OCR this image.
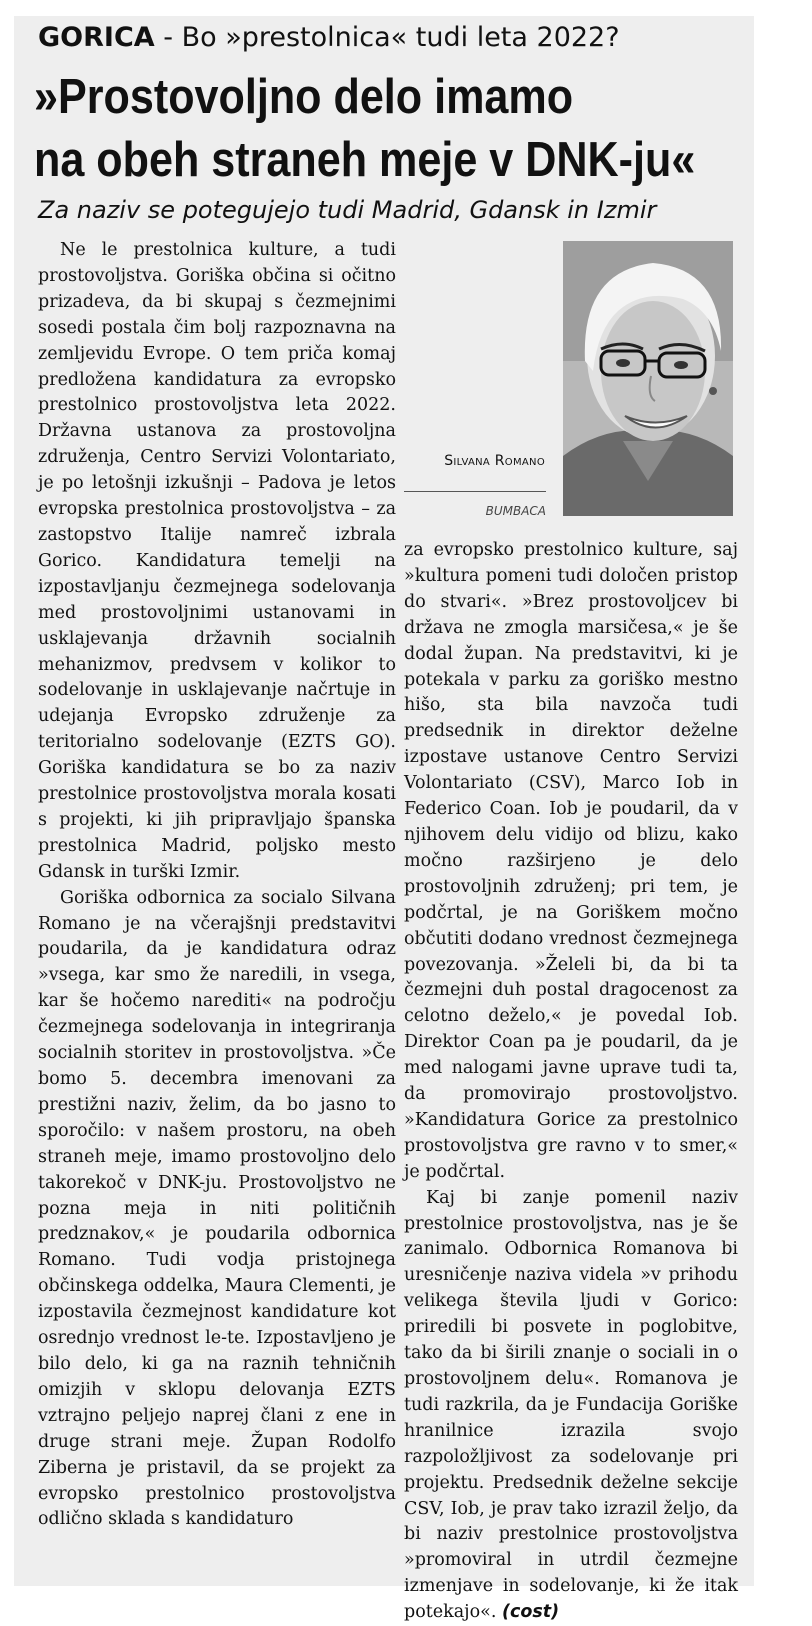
GORICA - Bo »prestolnica« tudi leta 2022?
»Prostovoljno delo imamo
na obeh straneh meje v DNK-ju«
Za naziv se potegujejo tudi Madrid, Gdansk in Izmir

Ne le prestolnica kulture, a tudi prostovoljstva. Goriška občina si očitno prizadeva, da bi skupaj s čezmejnimi sosedi postala čim bolj razpoznavna na zemljevidu Evrope. O tem priča komaj predložena kandidatura za evropsko prestolnico prostovoljstva leta 2022. Državna ustanova za prostovoljna združenja, Centro Servizi Volontariato, je po letošnji izkušnji – Padova je letos evropska prestolnica prostovoljstva – za zastopstvo Italije namreč izbrala Gorico. Kandidatura temelji na izpostavljanju čezmejnega sodelovanja med prostovoljnimi ustanovami in usklajevanja državnih socialnih mehanizmov, predvsem v kolikor to sodelovanje in usklajevanje načrtuje in udejanja Evropsko združenje za teritorialno sodelovanje (EZTS GO). Goriška kandidatura se bo za naziv prestolnice prostovoljstva morala kosati s projekti, ki jih pripravljajo španska prestolnica Madrid, poljsko mesto Gdansk in turški Izmir.

Goriška odbornica za socialo Silvana Romano je na včerajšnji predstavitvi poudarila, da je kandidatura odraz »vsega, kar smo že naredili, in vsega, kar še hočemo narediti« na področju čezmejnega sodelovanja in integriranja socialnih storitev in prostovoljstva. »Če bomo 5. decembra imenovani za prestižni naziv, želim, da bo jasno to sporočilo: v našem prostoru, na obeh straneh meje, imamo prostovoljno delo takorekoč v DNK-ju. Prostovoljstvo ne pozna meja in niti političnih predznakov,« je poudarila odbornica Romano. Tudi vodja pristojnega občinskega oddelka, Maura Clementi, je izpostavila čezmejnost kandidature kot osrednjo vrednost le-te. Izpostavljeno je bilo delo, ki ga na raznih tehničnih omizjih v sklopu delovanja EZTS vztrajno peljejo naprej člani z ene in druge strani meje. Župan Rodolfo Ziberna je pristavil, da se projekt za evropsko prestolnico prostovoljstva odlično sklada s kandidaturo

Silvana Romano
BUMBACA

za evropsko prestolnico kulture, saj »kultura pomeni tudi določen pristop do stvari«. »Brez prostovoljcev bi država ne zmogla marsičesa,« je še dodal župan. Na predstavitvi, ki je potekala v parku za goriško mestno hišo, sta bila navzoča tudi predsednik in direktor deželne izpostave ustanove Centro Servizi Volontariato (CSV), Marco Iob in Federico Coan. Iob je poudaril, da v njihovem delu vidijo od blizu, kako močno razširjeno je delo prostovoljnih združenj; pri tem, je podčrtal, je na Goriškem močno občutiti dodano vrednost čezmejnega povezovanja. »Želeli bi, da bi ta čezmejni duh postal dragocenost za celotno deželo,« je povedal Iob. Direktor Coan pa je poudaril, da je med nalogami javne uprave tudi ta, da promovirajo prostovoljstvo. »Kandidatura Gorice za prestolnico prostovoljstva gre ravno v to smer,« je podčrtal.

Kaj bi zanje pomenil naziv prestolnice prostovoljstva, nas je še zanimalo. Odbornica Romanova bi uresničenje naziva videla »v prihodu velikega števila ljudi v Gorico: priredili bi posvete in poglobitve, tako da bi širili znanje o sociali in o prostovoljnem delu«. Romanova je tudi razkrila, da je Fundacija Goriške hranilnice izrazila svojo razpoložljivost za sodelovanje pri projektu. Predsednik deželne sekcije CSV, Iob, je prav tako izrazil željo, da bi naziv prestolnice prostovoljstva »promoviral in utrdil čezmejne izmenjave in sodelovanje, ki že itak potekajo«. (cost)
